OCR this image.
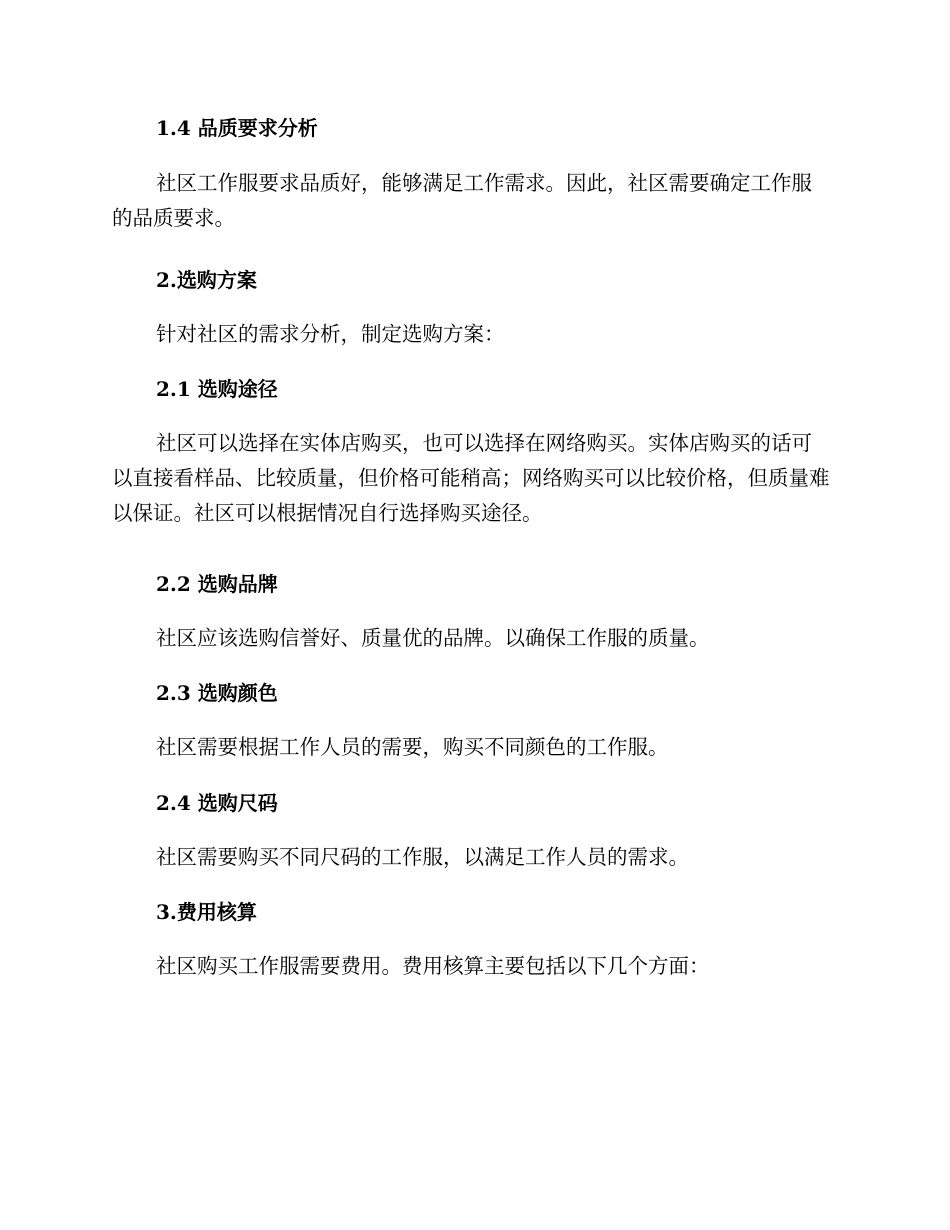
1.4 品质要求分析

社区工作服要求品质好，能够满足工作需求。因此，社区需要确定工作服的品质要求。

2.选购方案

针对社区的需求分析，制定选购方案：

2.1 选购途径

社区可以选择在实体店购买，也可以选择在网络购买。实体店购买的话可以直接看样品、比较质量，但价格可能稍高；网络购买可以比较价格，但质量难以保证。社区可以根据情况自行选择购买途径。

2.2 选购品牌

社区应该选购信誉好、质量优的品牌。以确保工作服的质量。

2.3 选购颜色

社区需要根据工作人员的需要，购买不同颜色的工作服。

2.4 选购尺码

社区需要购买不同尺码的工作服，以满足工作人员的需求。

3.费用核算

社区购买工作服需要费用。费用核算主要包括以下几个方面：
